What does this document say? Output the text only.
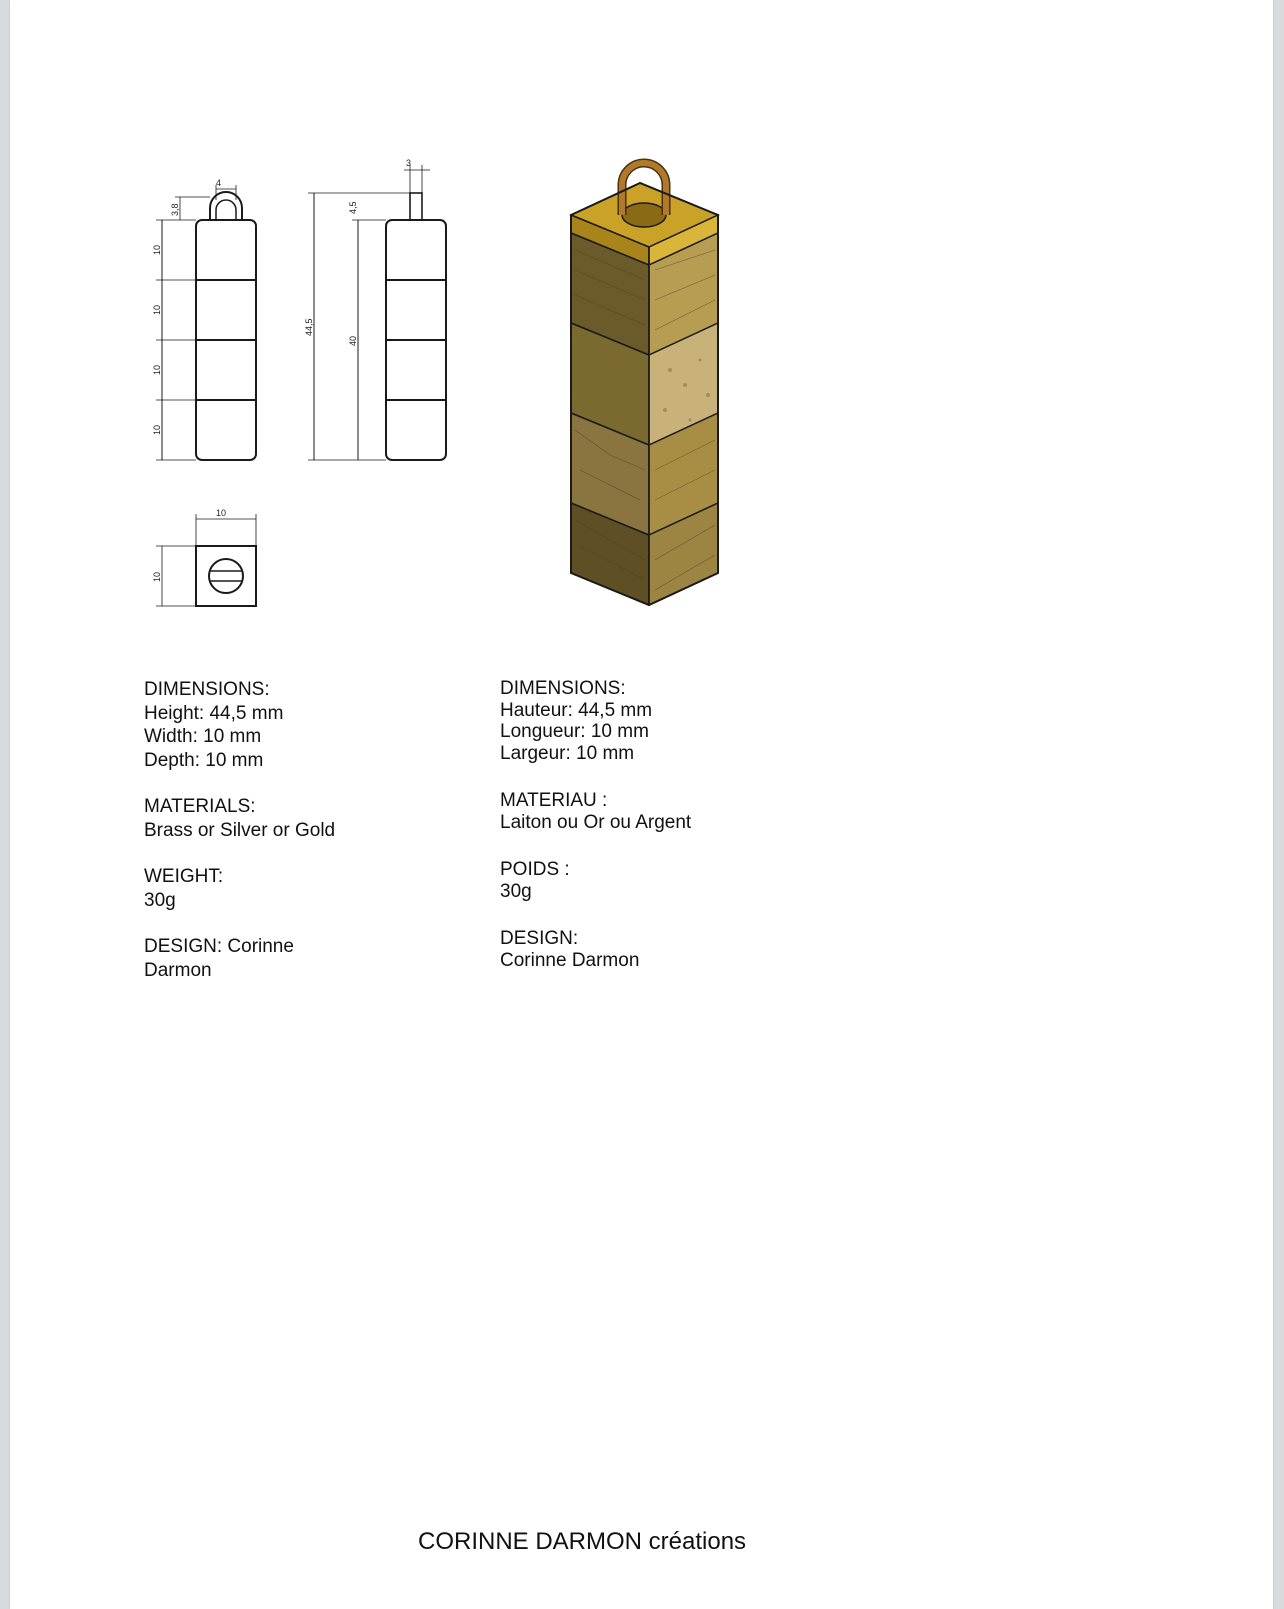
10
10
10
10
3,8
4
44,5
40
4,5
3
10
10
DIMENSIONS:
Height: 44,5 mm
Width: 10 mm
Depth: 10 mm
MATERIALS:
Brass or Silver or Gold
WEIGHT:
30g
DESIGN: Corinne
Darmon
DIMENSIONS:
Hauteur: 44,5 mm
Longueur: 10 mm
Largeur: 10 mm
MATERIAU :
Laiton ou Or ou Argent
POIDS :
30g
DESIGN:
Corinne Darmon
CORINNE DARMON créations
